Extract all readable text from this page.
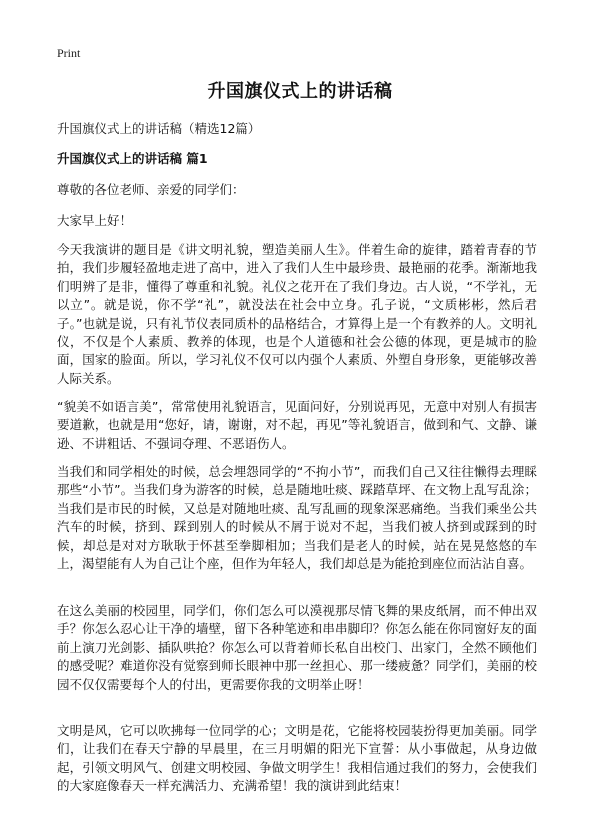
Print
升国旗仪式上的讲话稿

升国旗仪式上的讲话稿（精选12篇）

升国旗仪式上的讲话稿 篇1

尊敬的各位老师、亲爱的同学们：

大家早上好！

今天我演讲的题目是《讲文明礼貌，塑造美丽人生》。伴着生命的旋律，踏着青春的节拍，我们步履轻盈地走进了高中，进入了我们人生中最珍贵、最艳丽的花季。渐渐地我们明辨了是非，懂得了尊重和礼貌。礼仪之花开在了我们身边。古人说，“不学礼，无以立”。就是说，你不学“礼”，就没法在社会中立身。孔子说，“文质彬彬，然后君子。”也就是说，只有礼节仪表同质朴的品格结合，才算得上是一个有教养的人。文明礼仪，不仅是个人素质、教养的体现，也是个人道德和社会公德的体现，更是城市的脸面，国家的脸面。所以，学习礼仪不仅可以内强个人素质、外塑自身形象，更能够改善人际关系。

“貌美不如语言美”，常常使用礼貌语言，见面问好，分别说再见，无意中对别人有损害要道歉，也就是用“您好，请，谢谢，对不起，再见”等礼貌语言，做到和气、文静、谦逊、不讲粗话、不强词夺理、不恶语伤人。

当我们和同学相处的时候，总会埋怨同学的“不拘小节”，而我们自己又往往懒得去理睬那些“小节”。当我们身为游客的时候，总是随地吐痰、踩踏草坪、在文物上乱写乱涂；当我们是市民的时候，又总是对随地吐痰、乱写乱画的现象深恶痛绝。当我们乘坐公共汽车的时候，挤到、踩到别人的时候从不屑于说对不起，当我们被人挤到或踩到的时候，却总是对对方耿耿于怀甚至拳脚相加；当我们是老人的时候，站在晃晃悠悠的车上，渴望能有人为自己让个座，但作为年轻人，我们却总是为能抢到座位而沾沾自喜。

在这么美丽的校园里，同学们，你们怎么可以漠视那尽情飞舞的果皮纸屑，而不伸出双手？你怎么忍心让干净的墙壁，留下各种笔迹和串串脚印？你怎么能在你同窗好友的面前上演刀光剑影、插队哄抢？你怎么可以背着师长私自出校门、出家门，全然不顾他们的感受呢？难道你没有觉察到师长眼神中那一丝担心、那一缕疲惫？同学们，美丽的校园不仅仅需要每个人的付出，更需要你我的文明举止呀！

文明是风，它可以吹拂每一位同学的心；文明是花，它能将校园装扮得更加美丽。同学们，让我们在春天宁静的早晨里，在三月明媚的阳光下宣誓：从小事做起，从身边做起，引领文明风气、创建文明校园、争做文明学生！我相信通过我们的努力，会使我们的大家庭像春天一样充满活力、充满希望！我的演讲到此结束！
